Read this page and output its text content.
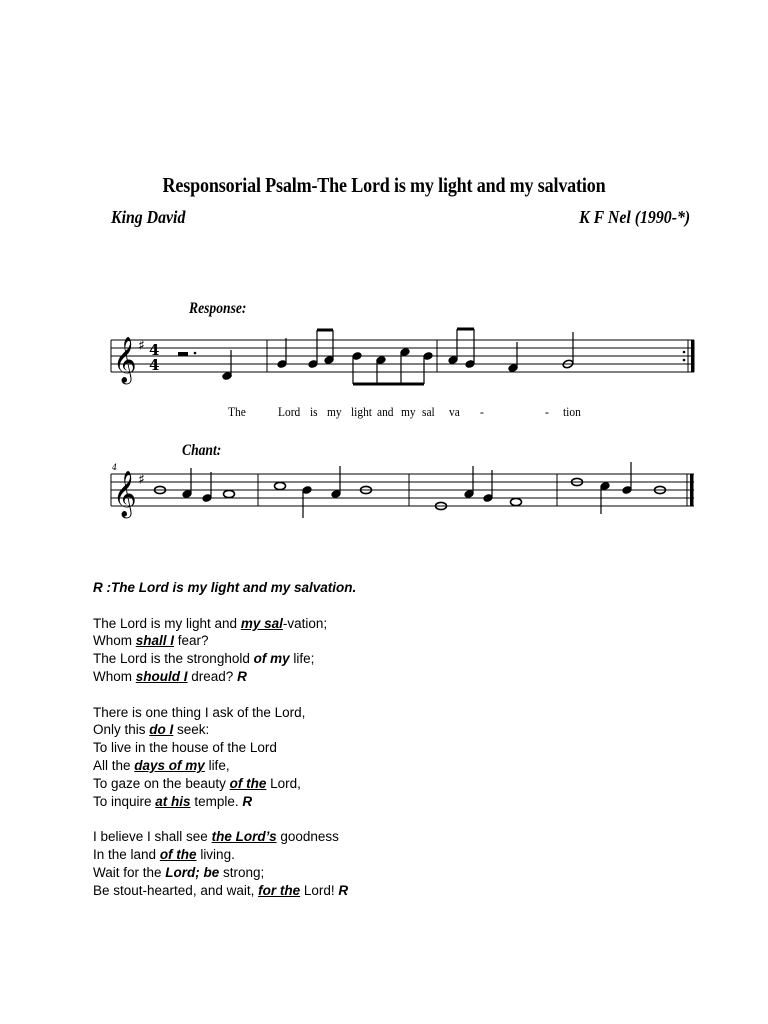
Responsorial Psalm-The Lord is my light and my salvation
King David	K F Nel (1990-*)
Response:
𝄞 ♯ 4
4
The Lord is my light and my sal va -	- tion
Chant:
4
𝄞 ♯

R :The Lord is my light and my salvation.

The Lord is my light and my sal-vation;

Whom shall I fear?

The Lord is the stronghold of my life;

Whom should I dread? R

There is one thing I ask of the Lord,

Only this do I seek:

To live in the house of the Lord

All the days of my life,

To gaze on the beauty of the Lord,

To inquire at his temple. R

I believe I shall see the Lord’s goodness

In the land of the living.

Wait for the Lord; be strong;

Be stout-hearted, and wait, for the Lord! R
